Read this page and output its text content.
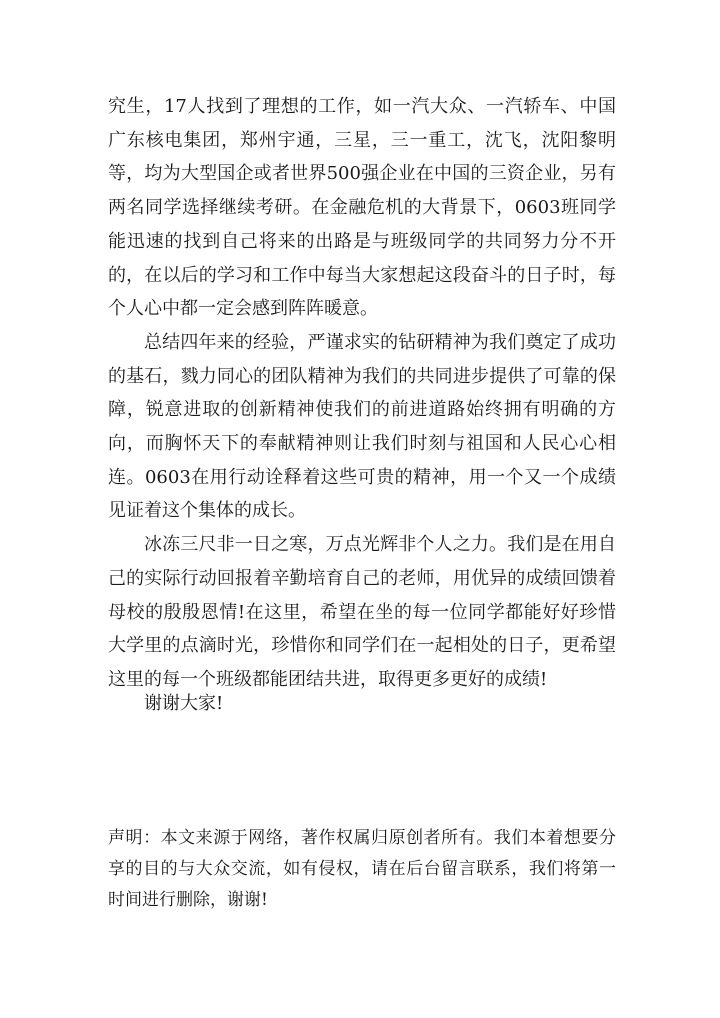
究生，17人找到了理想的工作，如一汽大众、一汽轿车、中国广东核电集团，郑州宇通，三星，三一重工，沈飞，沈阳黎明等，均为大型国企或者世界500强企业在中国的三资企业，另有两名同学选择继续考研。在金融危机的大背景下，0603班同学能迅速的找到自己将来的出路是与班级同学的共同努力分不开的，在以后的学习和工作中每当大家想起这段奋斗的日子时，每个人心中都一定会感到阵阵暖意。

总结四年来的经验，严谨求实的钻研精神为我们奠定了成功的基石，戮力同心的团队精神为我们的共同进步提供了可靠的保障，锐意进取的创新精神使我们的前进道路始终拥有明确的方向，而胸怀天下的奉献精神则让我们时刻与祖国和人民心心相连。0603在用行动诠释着这些可贵的精神，用一个又一个成绩见证着这个集体的成长。

冰冻三尺非一日之寒，万点光辉非个人之力。我们是在用自己的实际行动回报着辛勤培育自己的老师，用优异的成绩回馈着母校的殷殷恩情!在这里，希望在坐的每一位同学都能好好珍惜大学里的点滴时光，珍惜你和同学们在一起相处的日子，更希望这里的每一个班级都能团结共进，取得更多更好的成绩!

谢谢大家!
声明：本文来源于网络，著作权属归原创者所有。我们本着想要分享的目的与大众交流，如有侵权，请在后台留言联系，我们将第一时间进行删除，谢谢!
